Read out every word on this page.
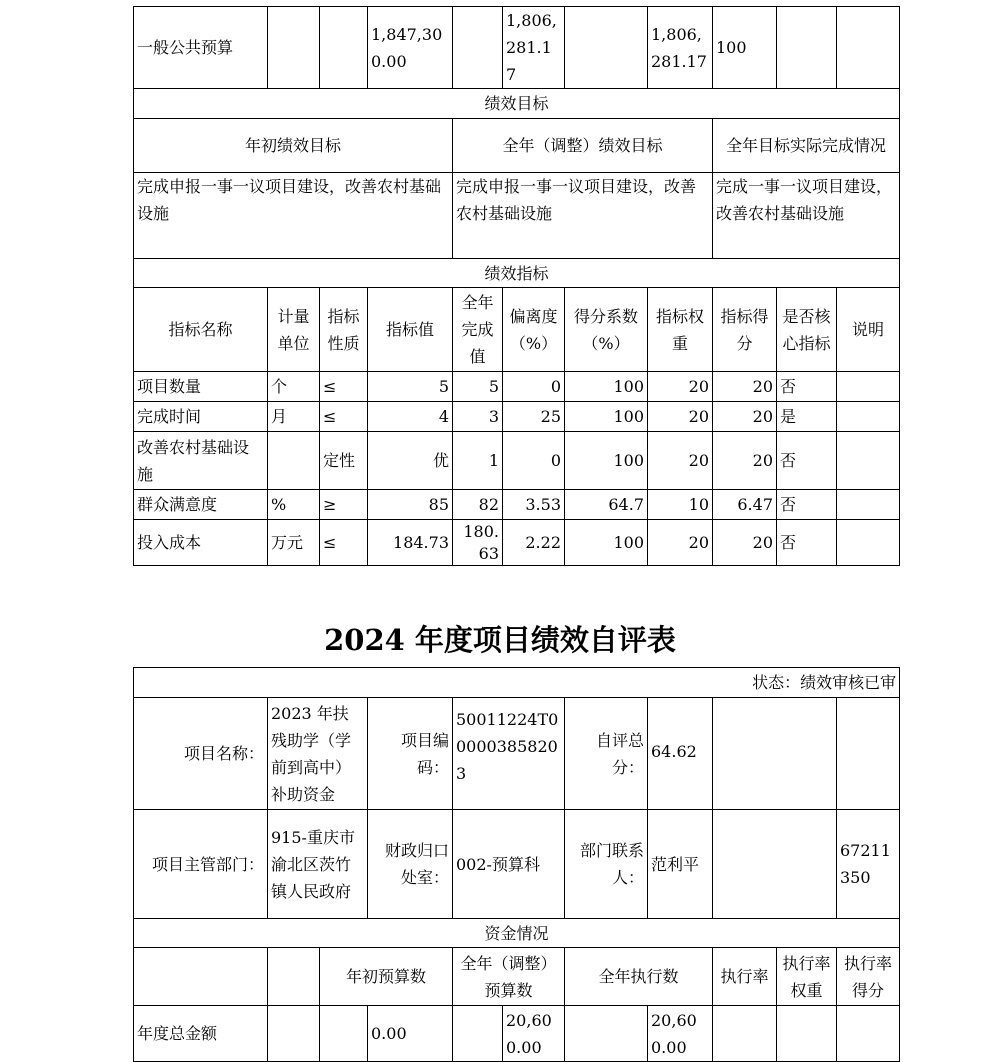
一般公共预算			1,847,300.00		1,806,281.17		1,806,281.17	100		
绩效目标										
年初绩效目标				全年（调整）绩效目标				全年目标实际完成情况		
完成申报一事一议项目建设，改善农村基础设施				完成申报一事一议项目建设，改善农村基础设施				完成一事一议项目建设，改善农村基础设施		
绩效指标										
指标名称	计量单位	指标性质	指标值	全年完成值	偏离度（%）	得分系数（%）	指标权重	指标得分	是否核心指标	说明
项目数量	个	≤	5	5	0	100	20	20	否	
完成时间	月	≤	4	3	25	100	20	20	是	
改善农村基础设施		定性	优	1	0	100	20	20	否	
群众满意度	%	≥	85	82	3.53	64.7	10	6.47	否	
投入成本	万元	≤	184.73	180.63	2.22	100	20	20	否	
2024 年度项目绩效自评表
状态：绩效审核已审										
项目名称：	2023 年扶残助学（学前到高中）补助资金		项目编码：	50011224T000003858203		自评总分：	64.62			
项目主管部门：	915-重庆市渝北区茨竹镇人民政府		财政归口处室：	002-预算科		部门联系人：	范利平			67211350
资金情况										
		年初预算数		全年（调整）预算数		全年执行数		执行率	执行率权重	执行率得分
年度总金额			0.00		20,600.00		20,600.00			
